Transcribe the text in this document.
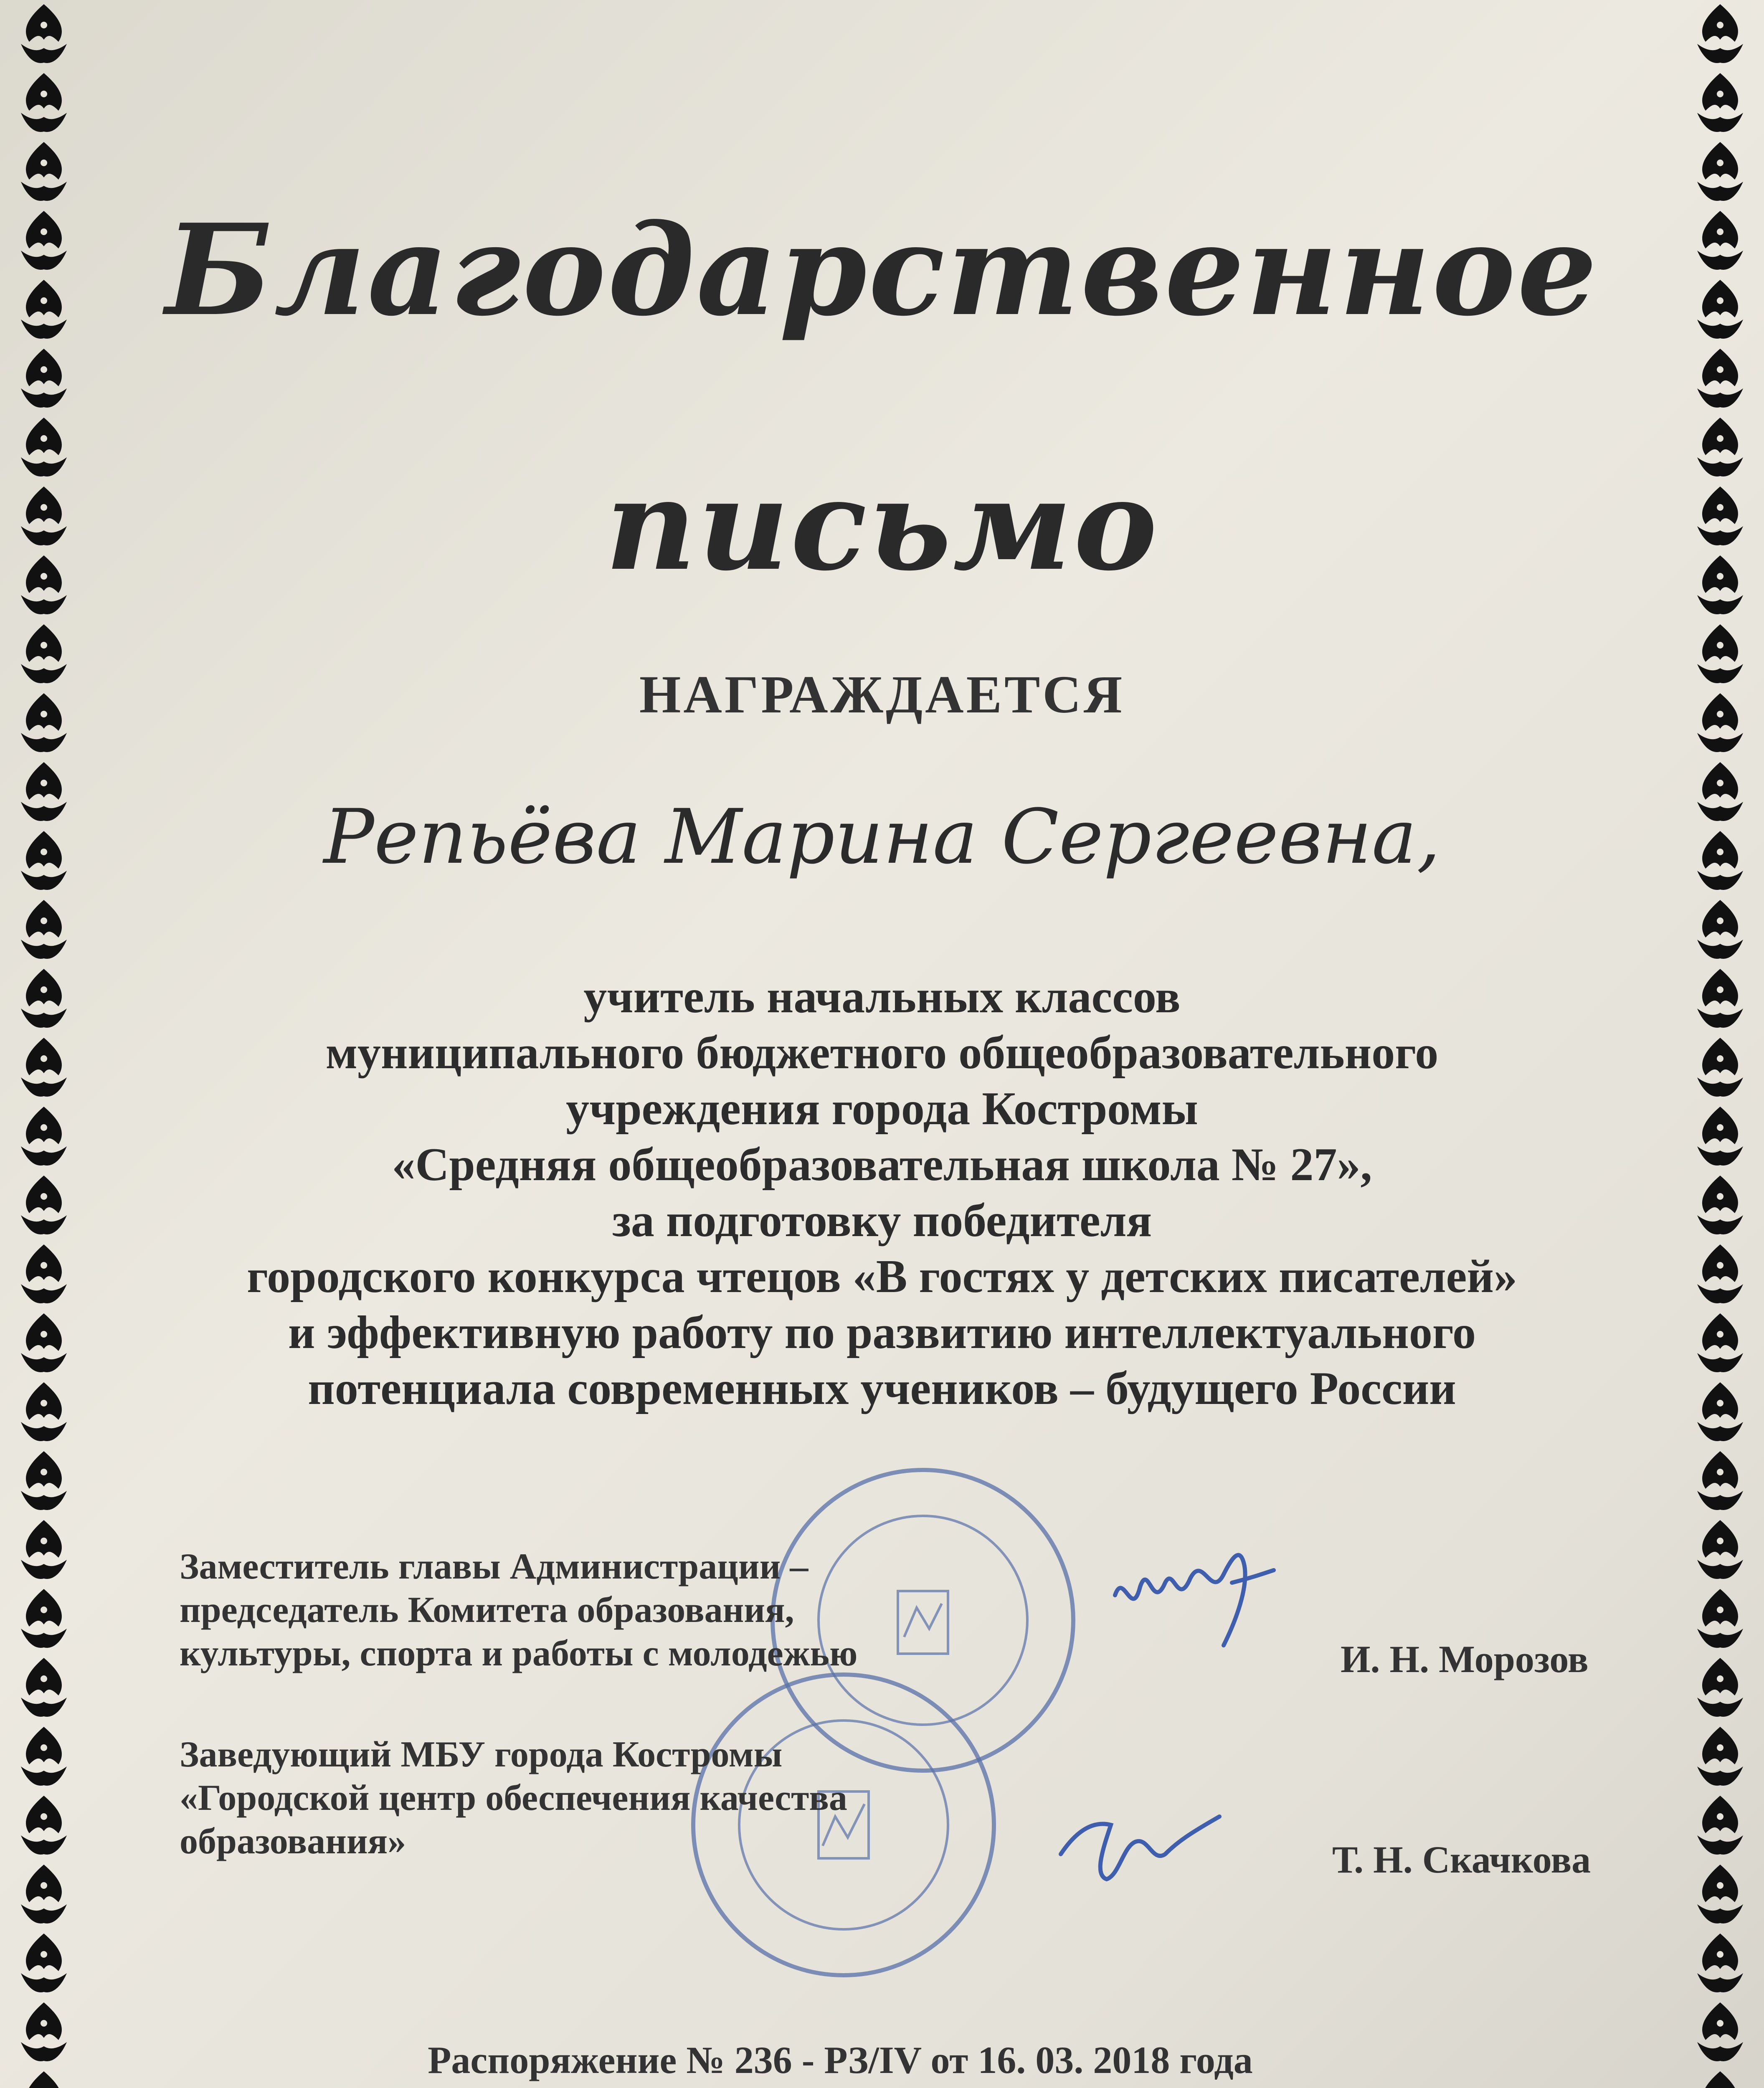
Благодарственное
письмо
НАГРАЖДАЕТСЯ
Репьёва Марина Сергеевна,
учитель начальных классов
муниципального бюджетного общеобразовательного
учреждения города Костромы
«Средняя общеобразовательная школа № 27»,
за подготовку победителя
городского конкурса чтецов «В гостях у детских писателей»
и эффективную работу по развитию интеллектуального
потенциала современных учеников – будущего России
Заместитель главы Администрации –
председатель Комитета образования,
культуры, спорта и работы с молодежью	И. Н. Морозов
Заведующий МБУ города Костромы
«Городской центр обеспечения качества
образования»	Т. Н. Скачкова
Распоряжение № 236 - РЗ/IV от 16. 03. 2018 года
